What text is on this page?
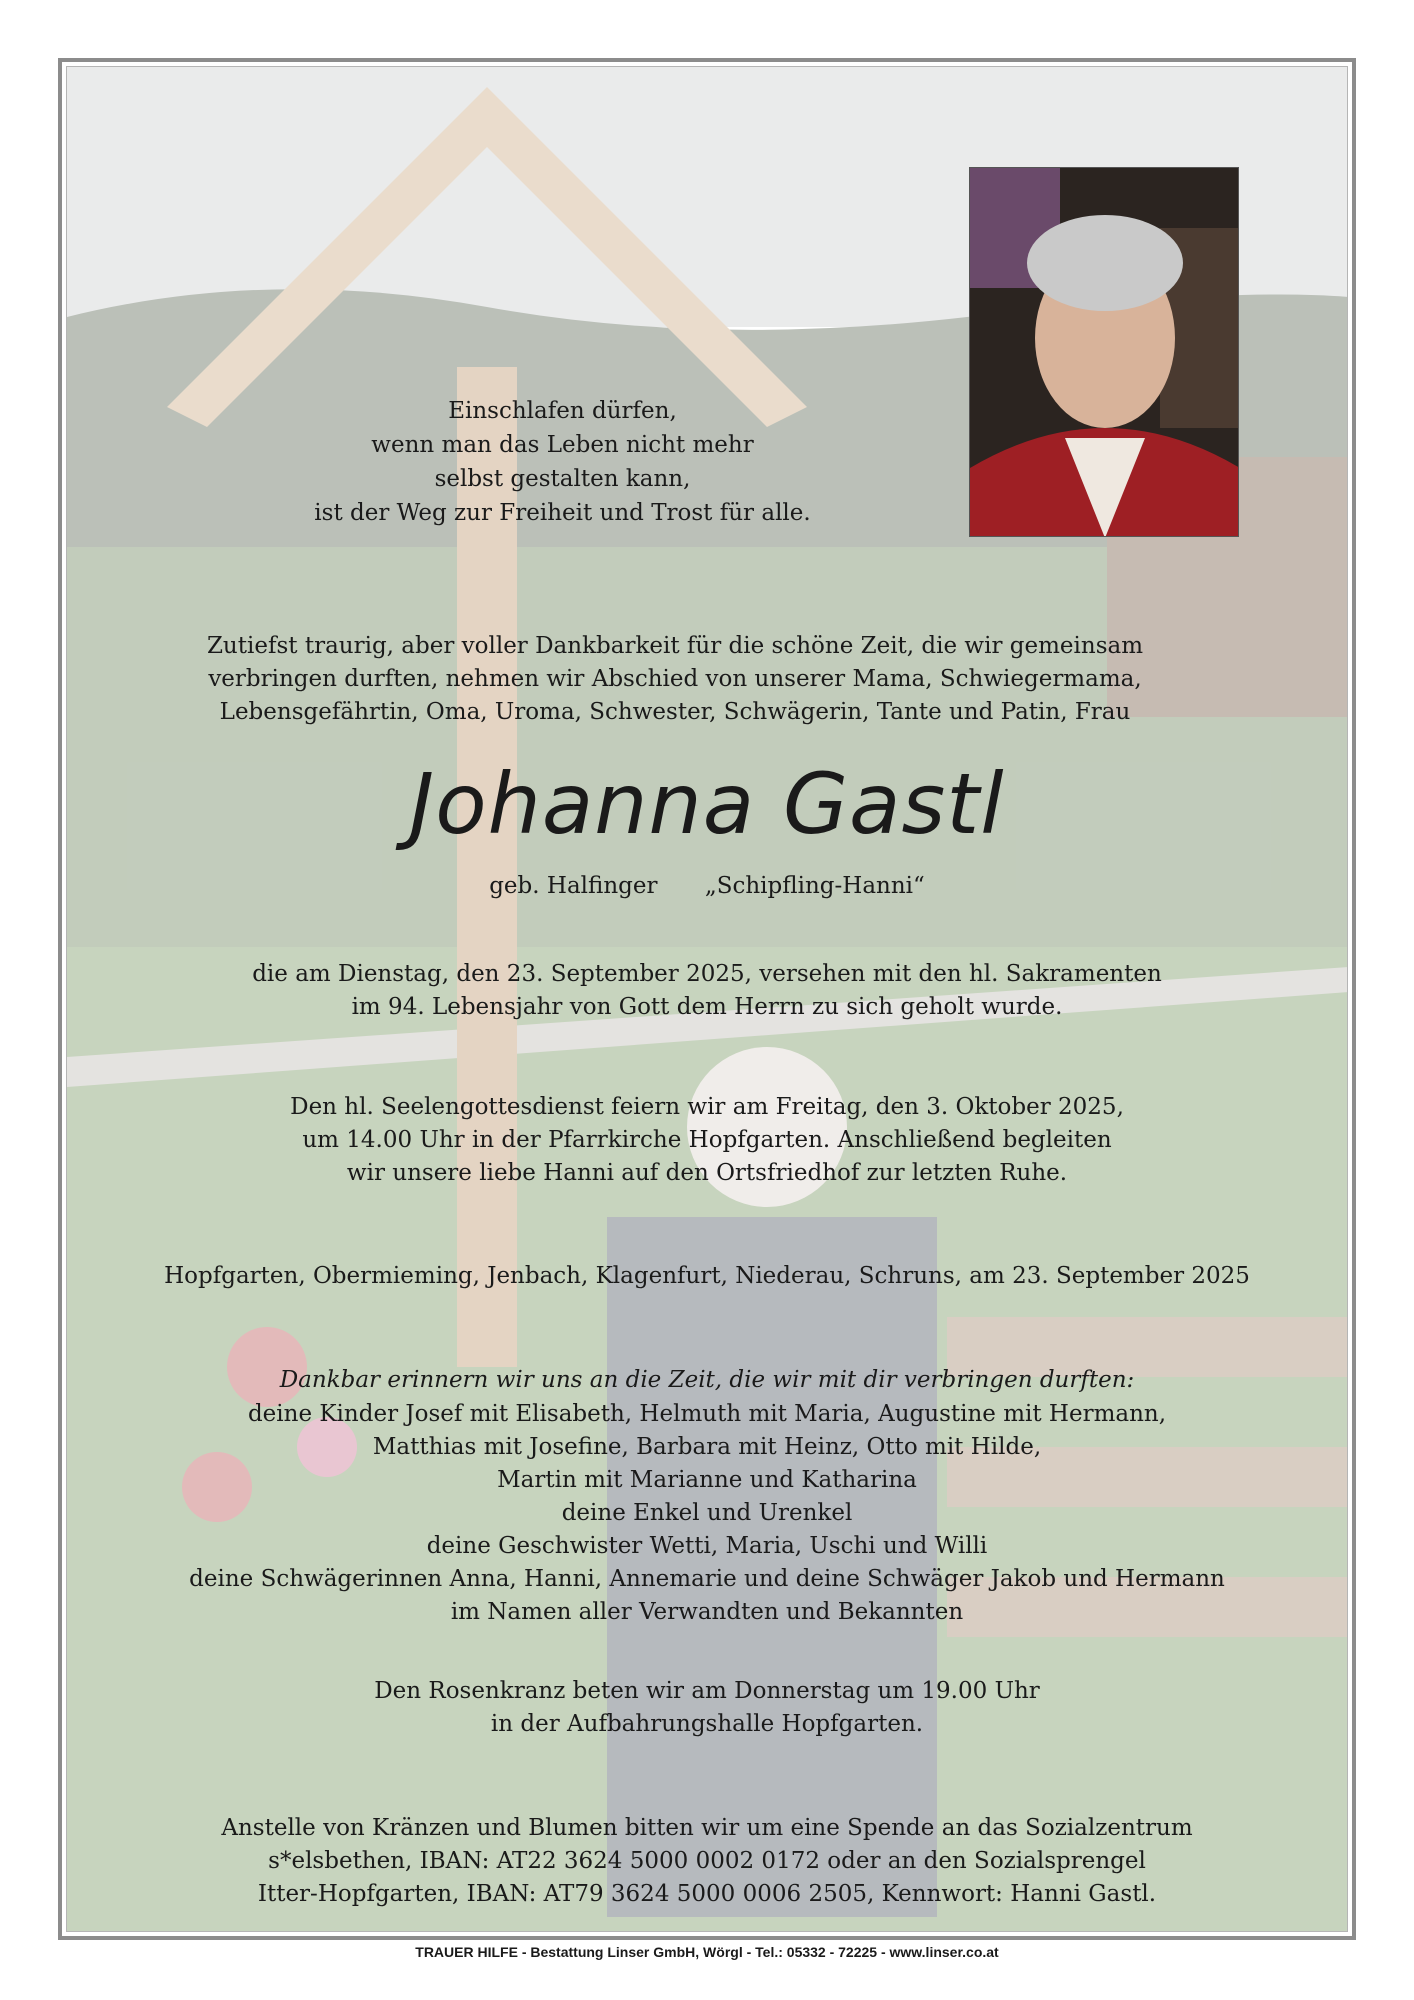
Einschlafen dürfen,
wenn man das Leben nicht mehr
selbst gestalten kann,
ist der Weg zur Freiheit und Trost für alle.
Zutiefst traurig, aber voller Dankbarkeit für die schöne Zeit, die wir gemeinsam
verbringen durften, nehmen wir Abschied von unserer Mama, Schwiegermama,
Lebensgefährtin, Oma, Uroma, Schwester, Schwägerin, Tante und Patin, Frau
Johanna Gastl
geb. Halfinger „Schipfling-Hanni“
die am Dienstag, den 23. September 2025, versehen mit den hl. Sakramenten
im 94. Lebensjahr von Gott dem Herrn zu sich geholt wurde.
Den hl. Seelengottesdienst feiern wir am Freitag, den 3. Oktober 2025,
um 14.00 Uhr in der Pfarrkirche Hopfgarten. Anschließend begleiten
wir unsere liebe Hanni auf den Ortsfriedhof zur letzten Ruhe.
Hopfgarten, Obermieming, Jenbach, Klagenfurt, Niederau, Schruns, am 23. September 2025
Dankbar erinnern wir uns an die Zeit, die wir mit dir verbringen durften:
deine Kinder Josef mit Elisabeth, Helmuth mit Maria, Augustine mit Hermann,
Matthias mit Josefine, Barbara mit Heinz, Otto mit Hilde,
Martin mit Marianne und Katharina
deine Enkel und Urenkel
deine Geschwister Wetti, Maria, Uschi und Willi
deine Schwägerinnen Anna, Hanni, Annemarie und deine Schwäger Jakob und Hermann
im Namen aller Verwandten und Bekannten
Den Rosenkranz beten wir am Donnerstag um 19.00 Uhr
in der Aufbahrungshalle Hopfgarten.
Anstelle von Kränzen und Blumen bitten wir um eine Spende an das Sozialzentrum
s*elsbethen, IBAN: AT22 3624 5000 0002 0172 oder an den Sozialsprengel
Itter-Hopfgarten, IBAN: AT79 3624 5000 0006 2505, Kennwort: Hanni Gastl.
TRAUER HILFE - Bestattung Linser GmbH, Wörgl - Tel.: 05332 - 72225 - www.linser.co.at
